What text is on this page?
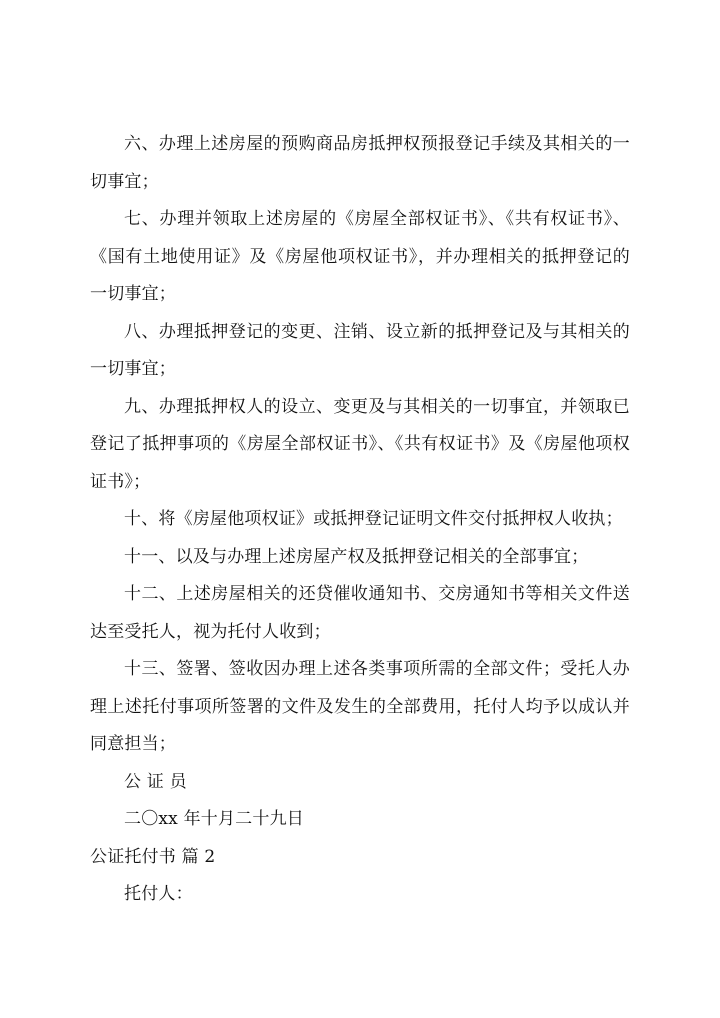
六、办理上述房屋的预购商品房抵押权预报登记手续及其相关的一切事宜；

七、办理并领取上述房屋的《房屋全部权证书》、《共有权证书》、《国有土地使用证》及《房屋他项权证书》，并办理相关的抵押登记的一切事宜；

八、办理抵押登记的变更、注销、设立新的抵押登记及与其相关的一切事宜；

九、办理抵押权人的设立、变更及与其相关的一切事宜，并领取已登记了抵押事项的《房屋全部权证书》、《共有权证书》及《房屋他项权证书》；

十、将《房屋他项权证》或抵押登记证明文件交付抵押权人收执；

十一、以及与办理上述房屋产权及抵押登记相关的全部事宜；

十二、上述房屋相关的还贷催收通知书、交房通知书等相关文件送达至受托人，视为托付人收到；

十三、签署、签收因办理上述各类事项所需的全部文件；受托人办理上述托付事项所签署的文件及发生的全部费用，托付人均予以成认并同意担当；

公 证 员

二〇xx 年十月二十九日

公证托付书 篇 2

托付人：
